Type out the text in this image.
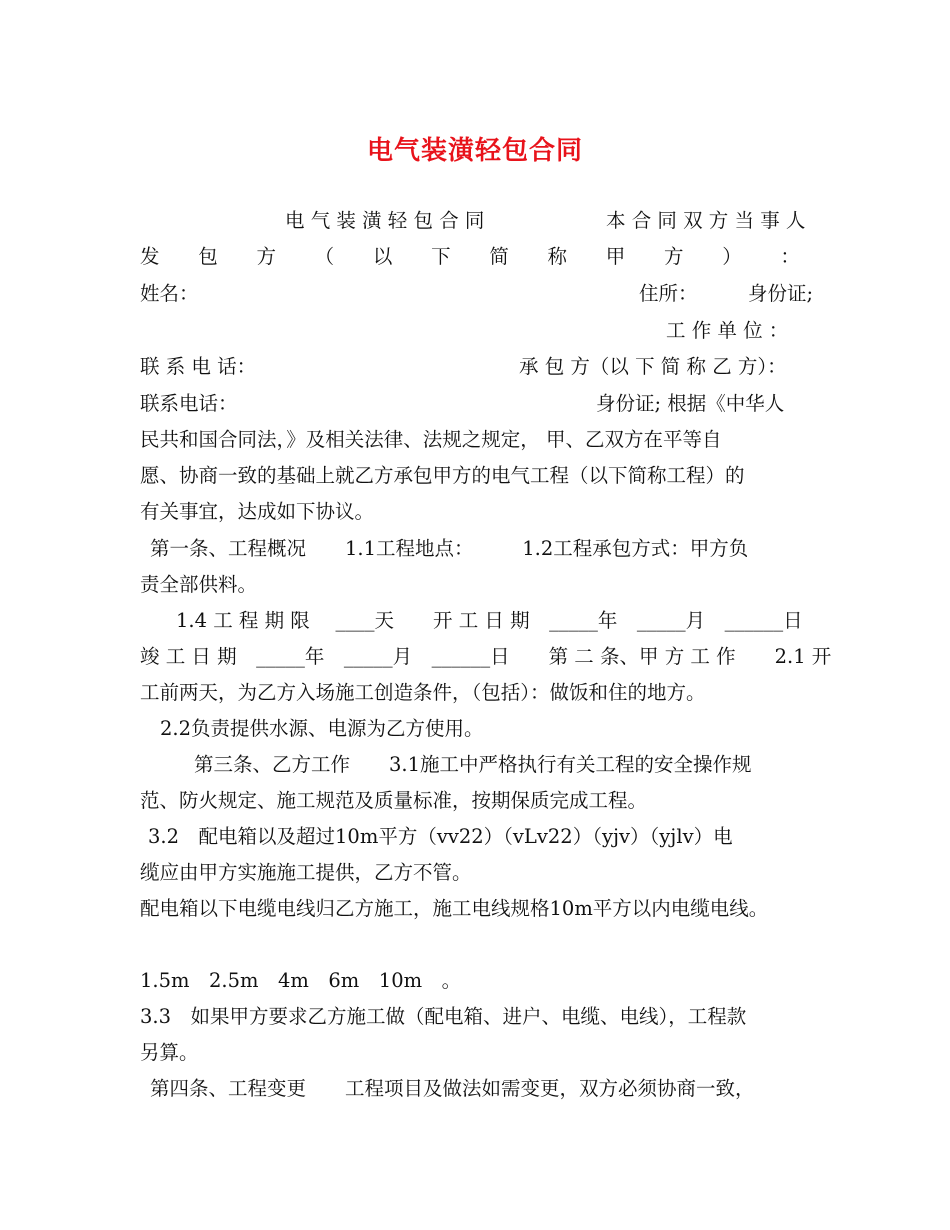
电气装潢轻包合同
电 气 装 潢 轻 包 合 同	本 合 同 双 方 当 事 人
发 包 方 （ 以 下 简 称 甲 方 ） ：
姓名：	住所：	身份证;
工 作 单 位 ：
联 系 电 话：	承 包 方（以 下 简 称 乙 方）：
联系电话：	身份证; 根据《中华人
民共和国合同法，》及相关法律、法规之规定， 甲、乙双方在平等自
愿、协商一致的基础上就乙方承包甲方的电气工程（以下简称工程）的
有关事宜，达成如下协议。
第一条、工程概况　　1.1工程地点：　　　1.2工程承包方式：甲方负
责全部供料。
1.4 工 程 期 限 　____天　　开 工 日 期　_____年　_____月　______日
竣 工 日 期　_____年　_____月　______日　　第 二 条、甲 方 工 作　　2.1 开
工前两天，为乙方入场施工创造条件，（包括）：做饭和住的地方。
2.2负责提供水源、电源为乙方使用。
第三条、乙方工作　　3.1施工中严格执行有关工程的安全操作规
范、防火规定、施工规范及质量标准，按期保质完成工程。
3.2　配电箱以及超过10m平方（vv22）（vLv22）（yjv）（yjlv）电
缆应由甲方实施施工提供，乙方不管。
配电箱以下电缆电线归乙方施工，施工电线规格10m平方以内电缆电线。
1.5m　2.5m　4m　6m　10m　。
3.3　如果甲方要求乙方施工做（配电箱、进户、电缆、电线），工程款
另算。
第四条、工程变更　　工程项目及做法如需变更，双方必须协商一致，
